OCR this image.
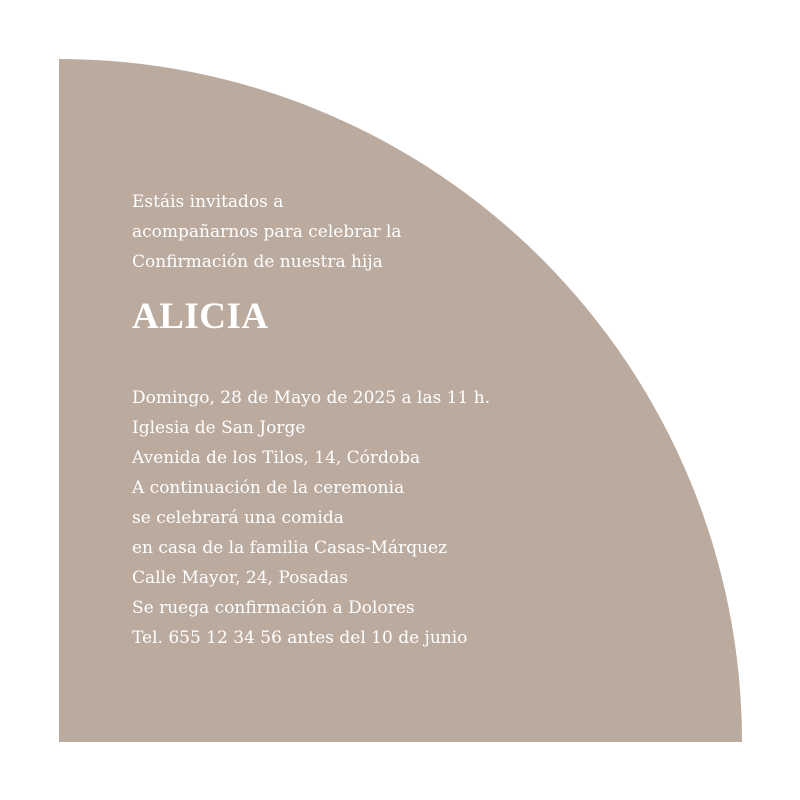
Estáis invitados a
acompañarnos para celebrar la
Confirmación de nuestra hija
ALICIA
Domingo, 28 de Mayo de 2025 a las 11 h.
Iglesia de San Jorge
Avenida de los Tilos, 14, Córdoba
A continuación de la ceremonia
se celebrará una comida
en casa de la familia Casas-Márquez
Calle Mayor, 24, Posadas
Se ruega confirmación a Dolores
Tel. 655 12 34 56 antes del 10 de junio
